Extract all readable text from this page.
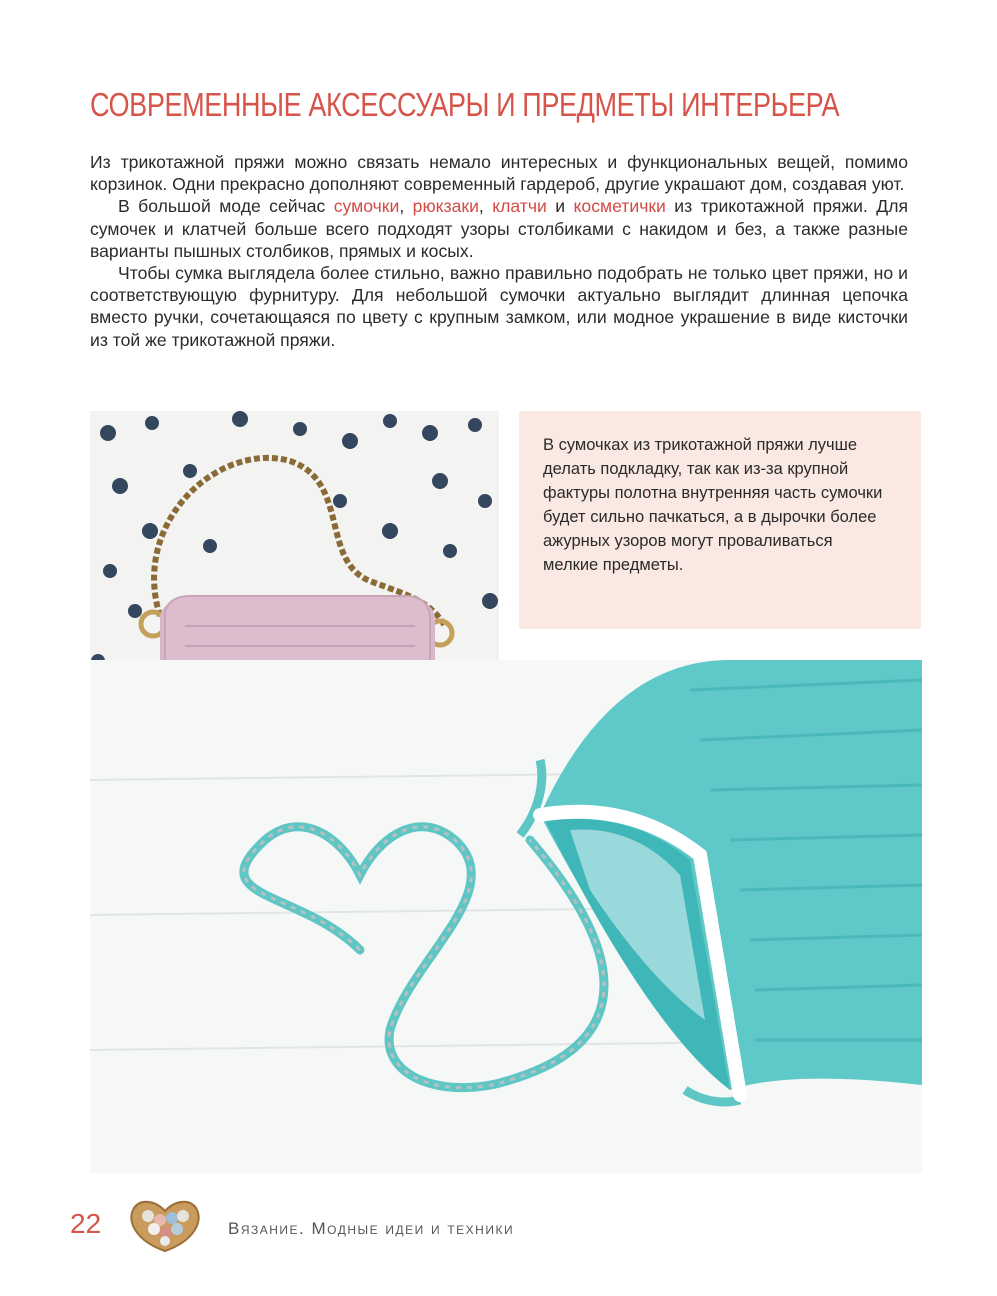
СОВРЕМЕННЫЕ АКСЕССУАРЫ И ПРЕДМЕТЫ ИНТЕРЬЕРА

Из трикотажной пряжи можно связать немало интересных и функциональных вещей, помимо корзинок. Одни прекрасно дополняют современный гардероб, другие украшают дом, создавая уют.

В большой моде сейчас сумочки, рюкзаки, клатчи и косметички из трикотажной пряжи. Для сумочек и клатчей больше всего подходят узоры столбиками с накидом и без, а также разные варианты пышных столбиков, прямых и косых.

Чтобы сумка выглядела более стильно, важно правильно подобрать не только цвет пряжи, но и соответствующую фурнитуру. Для небольшой сумочки актуально выглядит длинная цепочка вместо ручки, сочетающаяся по цвету с крупным замком, или модное украшение в виде кисточки из той же трикотажной пряжи.

В сумочках из трикотажной пряжи лучше делать подкладку, так как из-за крупной фактуры полотна внутренняя часть сумочки будет сильно пачкаться, а в дырочки более ажурных узоров могут проваливаться мелкие предметы.
22	Вязание. Модные идеи и техники
